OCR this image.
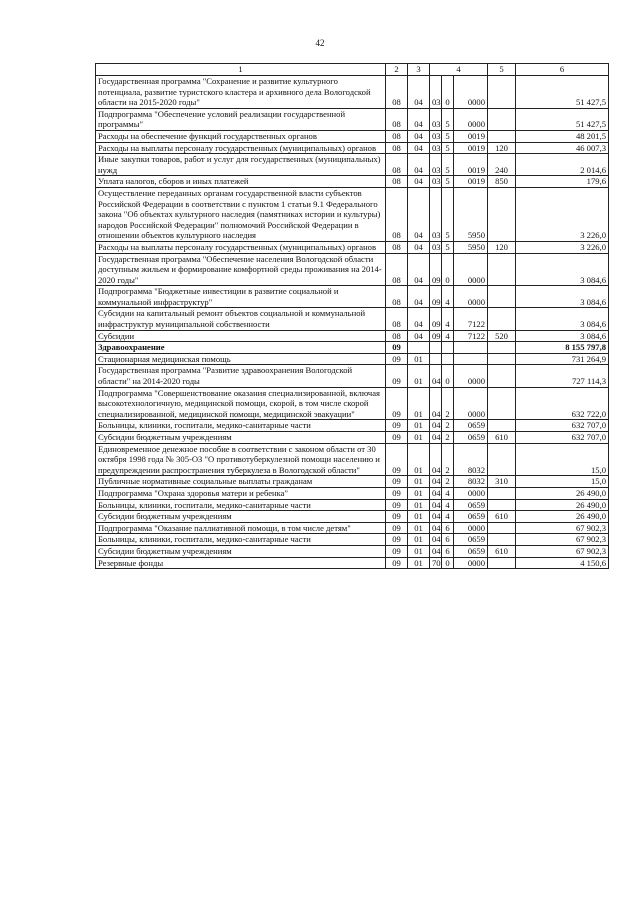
42
1	2	3	4			5	6
Государственная программа "Сохранение и развитие культурного потенциала, развитие туристского кластера и архивного дела Вологодской области на 2015-2020 годы"	08	04	03	0	0000		51 427,5
Подпрограмма "Обеспечение условий реализации государственной программы"	08	04	03	5	0000		51 427,5
Расходы на обеспечение функций государственных органов	08	04	03	5	0019		48 201,5
Расходы на выплаты персоналу государственных (муниципальных) органов	08	04	03	5	0019	120	46 007,3
Иные закупки товаров, работ и услуг для государственных (муниципальных) нужд	08	04	03	5	0019	240	2 014,6
Уплата налогов, сборов и иных платежей	08	04	03	5	0019	850	179,6
Осуществление переданных органам государственной власти субъектов Российской Федерации в соответствии с пунктом 1 статьи 9.1 Федерального закона "Об объектах культурного наследия (памятниках истории и культуры) народов Российской Федерации" полномочий Российской Федерации в отношении объектов культурного наследия	08	04	03	5	5950		3 226,0
Расходы на выплаты персоналу государственных (муниципальных) органов	08	04	03	5	5950	120	3 226,0
Государственная программа "Обеспечение населения Вологодской области доступным жильем и формирование комфортной среды проживания на 2014-2020 годы"	08	04	09	0	0000		3 084,6
Подпрограмма "Бюджетные инвестиции в развитие социальной и коммунальной инфраструктур"	08	04	09	4	0000		3 084,6
Субсидии на капитальный ремонт объектов социальной и коммунальной инфраструктур муниципальной собственности	08	04	09	4	7122		3 084,6
Субсидии	08	04	09	4	7122	520	3 084,6
Здравоохранение	09						8 155 797,8
Стационарная медицинская помощь	09	01					731 264,9
Государственная программа "Развитие здравоохранения Вологодской области" на 2014-2020 годы	09	01	04	0	0000		727 114,3
Подпрограмма "Совершенствование оказания специализированной, включая высокотехнологичную, медицинской помощи, скорой, в том числе скорой специализированной, медицинской помощи, медицинской эвакуации"	09	01	04	2	0000		632 722,0
Больницы, клиники, госпитали, медико-санитарные части	09	01	04	2	0659		632 707,0
Субсидии бюджетным учреждениям	09	01	04	2	0659	610	632 707,0
Единовременное денежное пособие в соответствии с законом области от 30 октября 1998 года № 305-ОЗ "О противотуберкулезной помощи населению и предупреждении распространения туберкулеза в Вологодской области"	09	01	04	2	8032		15,0
Публичные нормативные социальные выплаты гражданам	09	01	04	2	8032	310	15,0
Подпрограмма "Охрана здоровья матери и ребенка"	09	01	04	4	0000		26 490,0
Больницы, клиники, госпитали, медико-санитарные части	09	01	04	4	0659		26 490,0
Субсидии бюджетным учреждениям	09	01	04	4	0659	610	26 490,0
Подпрограмма "Оказание паллиативной помощи, в том числе детям"	09	01	04	6	0000		67 902,3
Больницы, клиники, госпитали, медико-санитарные части	09	01	04	6	0659		67 902,3
Субсидии бюджетным учреждениям	09	01	04	6	0659	610	67 902,3
Резервные фонды	09	01	70	0	0000		4 150,6
